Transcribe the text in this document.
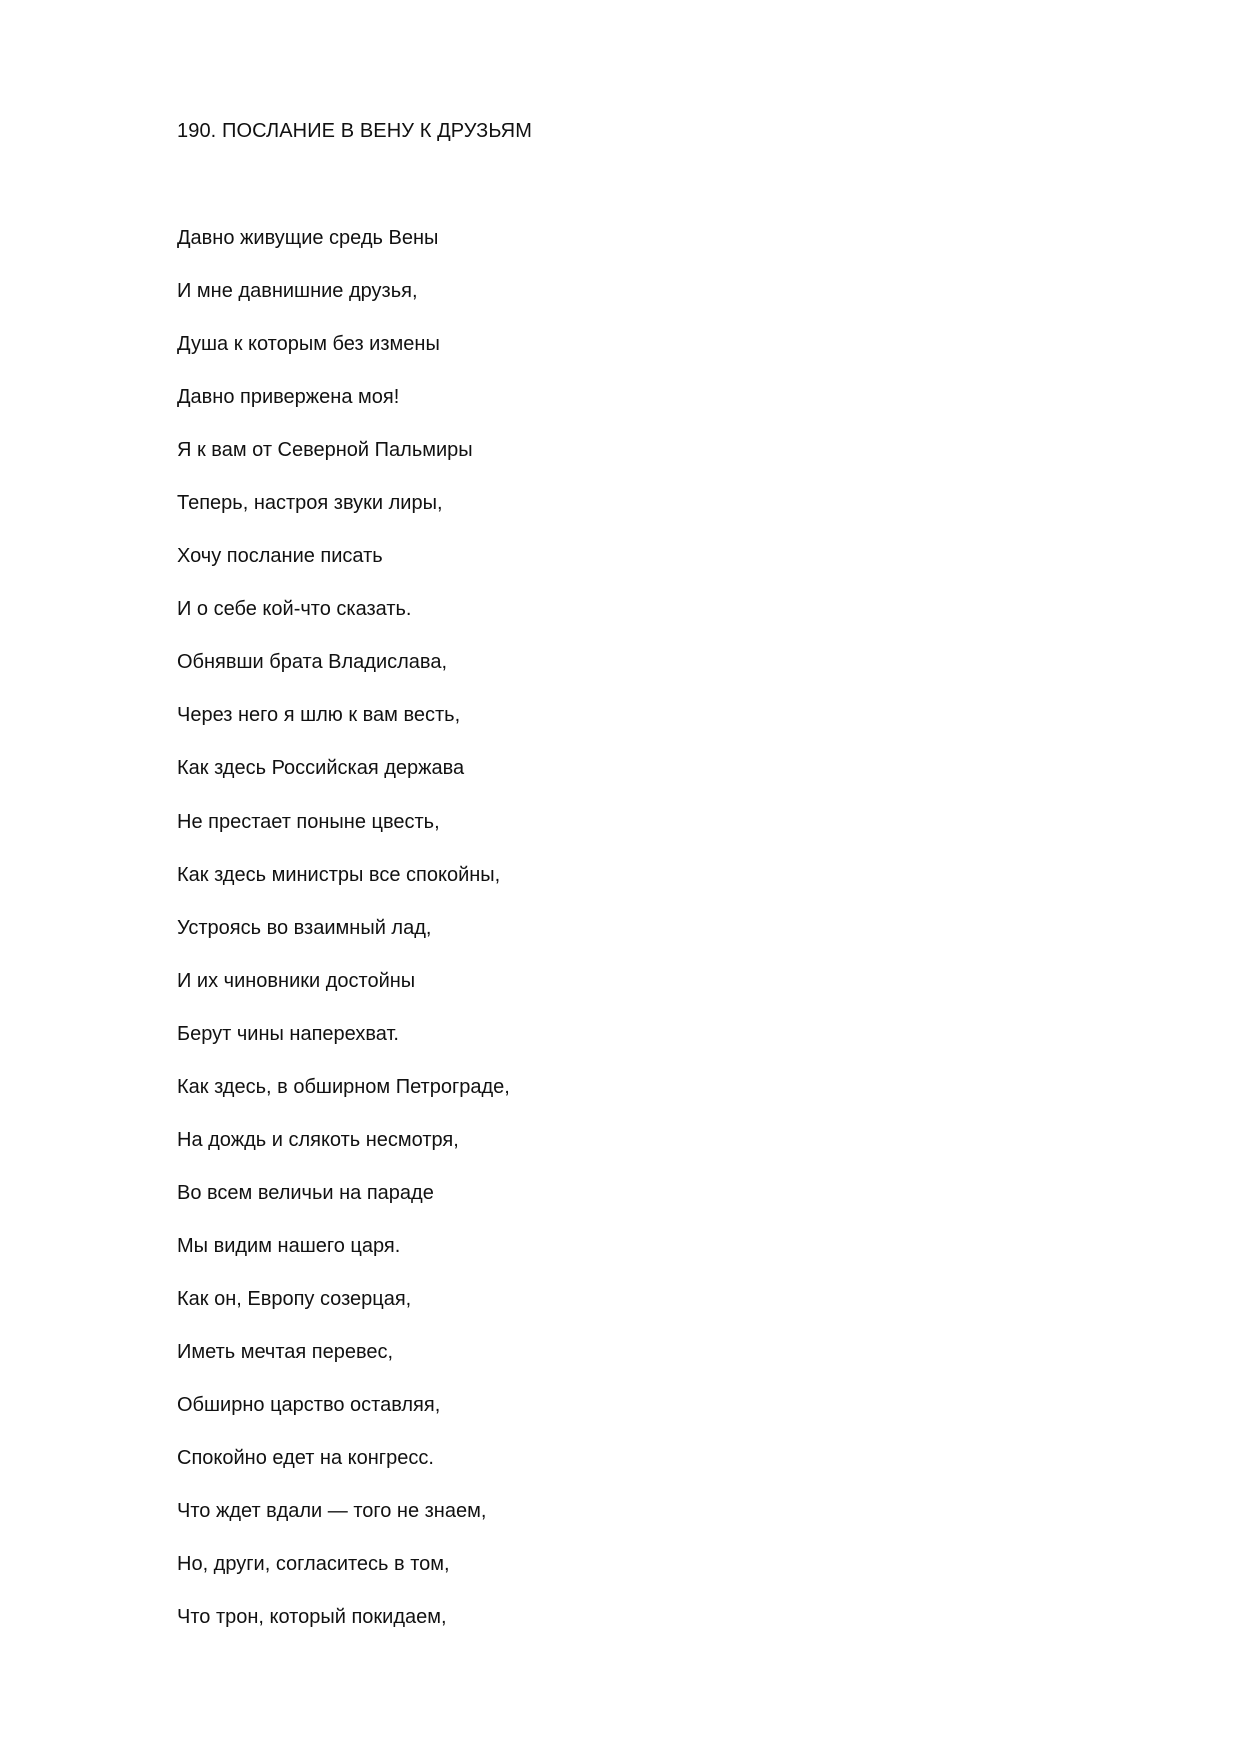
190. ПОСЛАНИЕ В ВЕНУ К ДРУЗЬЯМ
Давно живущие средь Вены
И мне давнишние друзья,
Душа к которым без измены
Давно привержена моя!
Я к вам от Северной Пальмиры
Теперь, настроя звуки лиры,
Хочу послание писать
И о себе кой-что сказать.
Обнявши брата Владислава,
Через него я шлю к вам весть,
Как здесь Российская держава
Не престает поныне цвесть,
Как здесь министры все спокойны,
Устроясь во взаимный лад,
И их чиновники достойны
Берут чины наперехват.
Как здесь, в обширном Петрограде,
На дождь и слякоть несмотря,
Во всем величьи на параде
Мы видим нашего царя.
Как он, Европу созерцая,
Иметь мечтая перевес,
Обширно царство оставляя,
Спокойно едет на конгресс.
Что ждет вдали — того не знаем,
Но, други, согласитесь в том,
Что трон, который покидаем,
